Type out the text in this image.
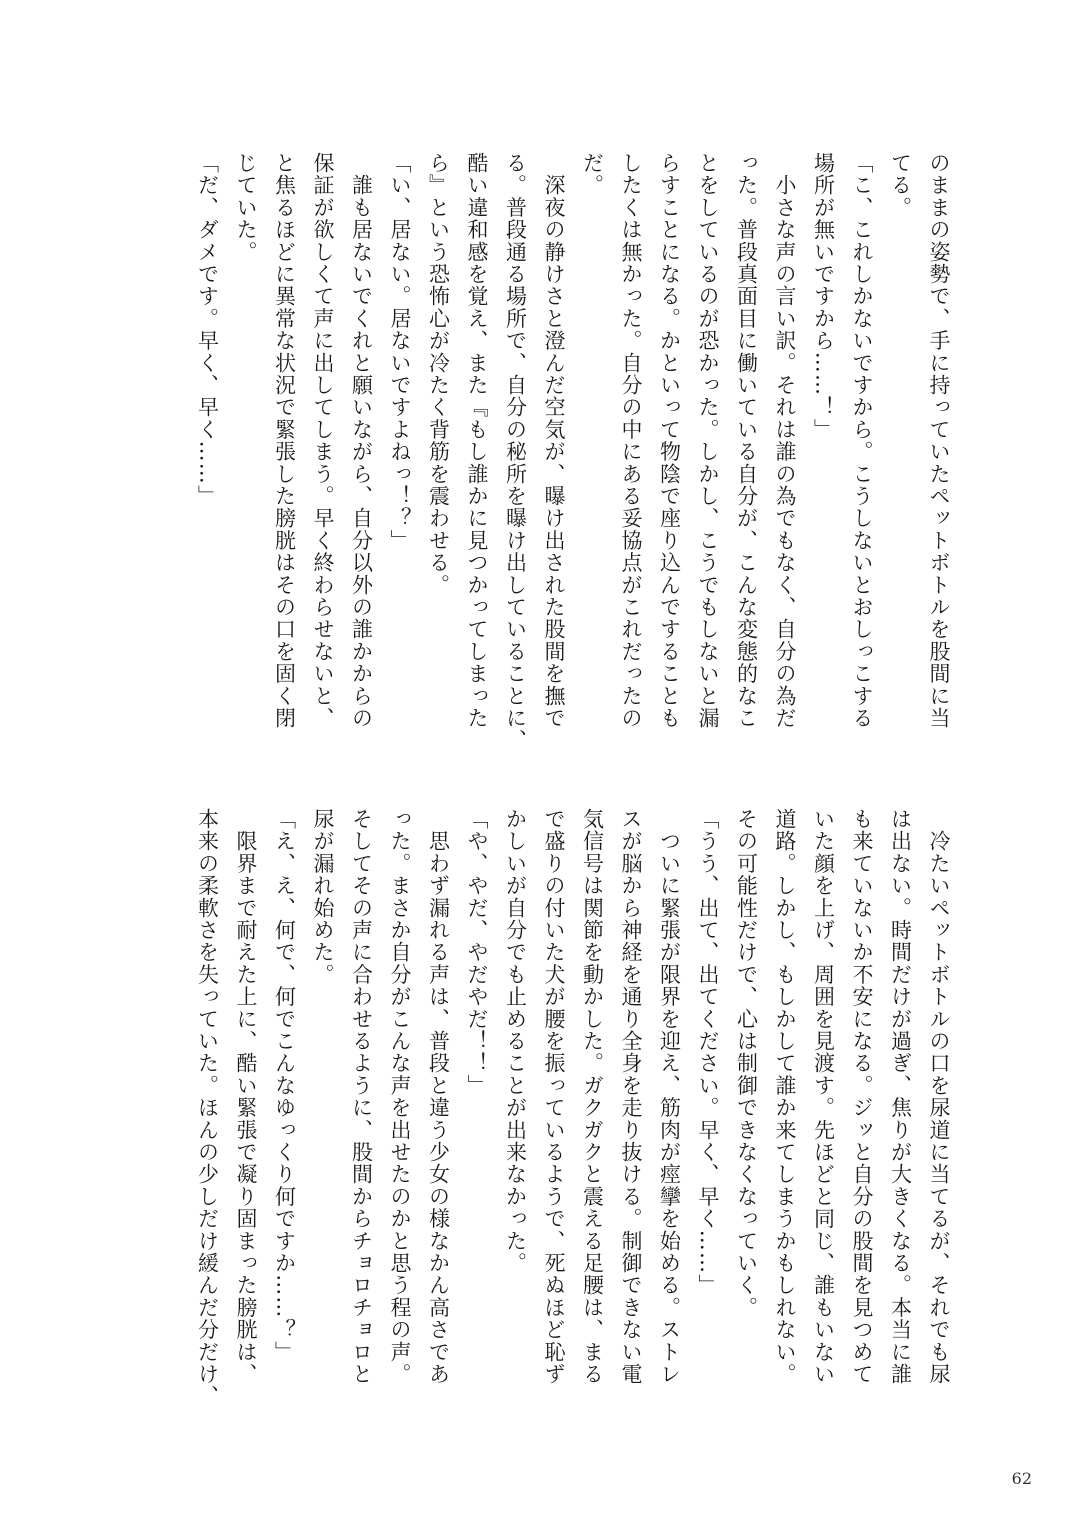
のままの姿勢で、手に持っていたペットボトルを股間に当
てる。
「こ、これしかないですから。こうしないとおしっこする
場所が無いですから……！」
　小さな声の言い訳。それは誰の為でもなく、自分の為だ
った。普段真面目に働いている自分が、こんな変態的なこ
とをしているのが恐かった。しかし、こうでもしないと漏
らすことになる。かといって物陰で座り込んですることも
したくは無かった。自分の中にある妥協点がこれだったの
だ。
　深夜の静けさと澄んだ空気が、曝け出された股間を撫で
る。普段通る場所で、自分の秘所を曝け出していることに、
酷い違和感を覚え、また『もし誰かに見つかってしまった
ら』という恐怖心が冷たく背筋を震わせる。
「い、居ない。居ないですよねっ！？」
　誰も居ないでくれと願いながら、自分以外の誰かからの
保証が欲しくて声に出してしまう。早く終わらせないと、
と焦るほどに異常な状況で緊張した膀胱はその口を固く閉
じていた。
「だ、ダメです。早く、早く……」
　冷たいペットボトルの口を尿道に当てるが、それでも尿
は出ない。時間だけが過ぎ、焦りが大きくなる。本当に誰
も来ていないか不安になる。ジッと自分の股間を見つめて
いた顔を上げ、周囲を見渡す。先ほどと同じ、誰もいない
道路。しかし、もしかして誰か来てしまうかもしれない。
その可能性だけで、心は制御できなくなっていく。
「うう、出て、出てください。早く、早く……」
　ついに緊張が限界を迎え、筋肉が痙攣を始める。ストレ
スが脳から神経を通り全身を走り抜ける。制御できない電
気信号は関節を動かした。ガクガクと震える足腰は、まる
で盛りの付いた犬が腰を振っているようで、死ぬほど恥ず
かしいが自分でも止めることが出来なかった。
「や、やだ、やだやだ！！」
　思わず漏れる声は、普段と違う少女の様なかん高さであ
った。まさか自分がこんな声を出せたのかと思う程の声。
そしてその声に合わせるように、股間からチョロチョロと
尿が漏れ始めた。
「え、え、何で、何でこんなゆっくり何ですか……？」
　限界まで耐えた上に、酷い緊張で凝り固まった膀胱は、
本来の柔軟さを失っていた。ほんの少しだけ緩んだ分だけ、
62
